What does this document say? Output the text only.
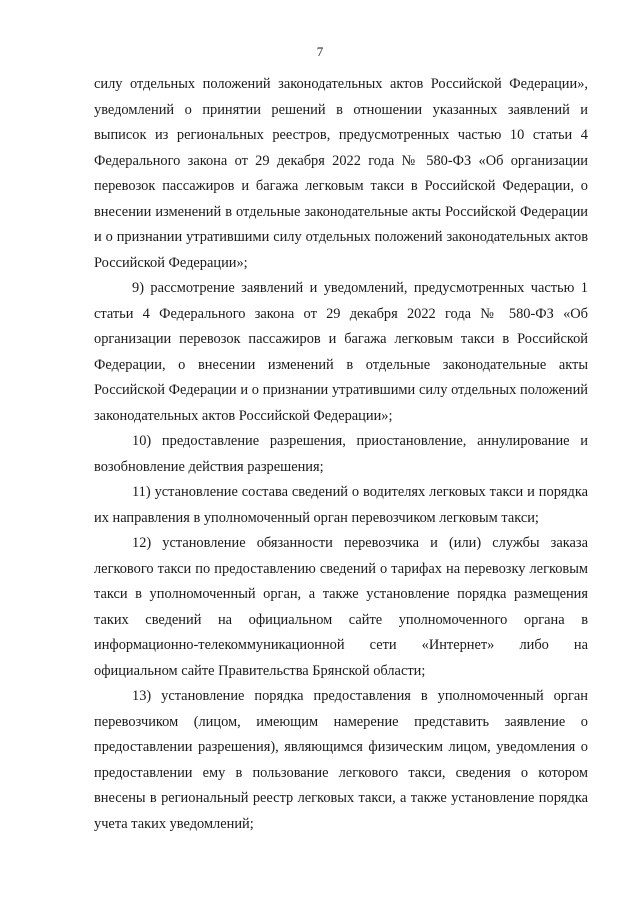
7

силу отдельных положений законодательных актов Российской Федерации», уведомлений о принятии решений в отношении указанных заявлений и выписок из региональных реестров, предусмотренных частью 10 статьи 4 Федерального закона от 29 декабря 2022 года № 580-ФЗ «Об организации перевозок пассажиров и багажа легковым такси в Российской Федерации, о внесении изменений в отдельные законодательные акты Российской Федерации и о признании утратившими силу отдельных положений законодательных актов Российской Федерации»;

9) рассмотрение заявлений и уведомлений, предусмотренных частью 1 статьи 4 Федерального закона от 29 декабря 2022 года № 580-ФЗ «Об организации перевозок пассажиров и багажа легковым такси в Российской Федерации, о внесении изменений в отдельные законодательные акты Российской Федерации и о признании утратившими силу отдельных положений законодательных актов Российской Федерации»;

10) предоставление разрешения, приостановление, аннулирование и возобновление действия разрешения;

11) установление состава сведений о водителях легковых такси и порядка их направления в уполномоченный орган перевозчиком легковым такси;

12) установление обязанности перевозчика и (или) службы заказа легкового такси по предоставлению сведений о тарифах на перевозку легковым такси в уполномоченный орган, а также установление порядка размещения таких сведений на официальном сайте уполномоченного органа в информационно-телекоммуникационной сети «Интернет» либо на официальном сайте Правительства Брянской области;

13) установление порядка предоставления в уполномоченный орган перевозчиком (лицом, имеющим намерение представить заявление о предоставлении разрешения), являющимся физическим лицом, уведомления о предоставлении ему в пользование легкового такси, сведения о котором внесены в региональный реестр легковых такси, а также установление порядка учета таких уведомлений;
